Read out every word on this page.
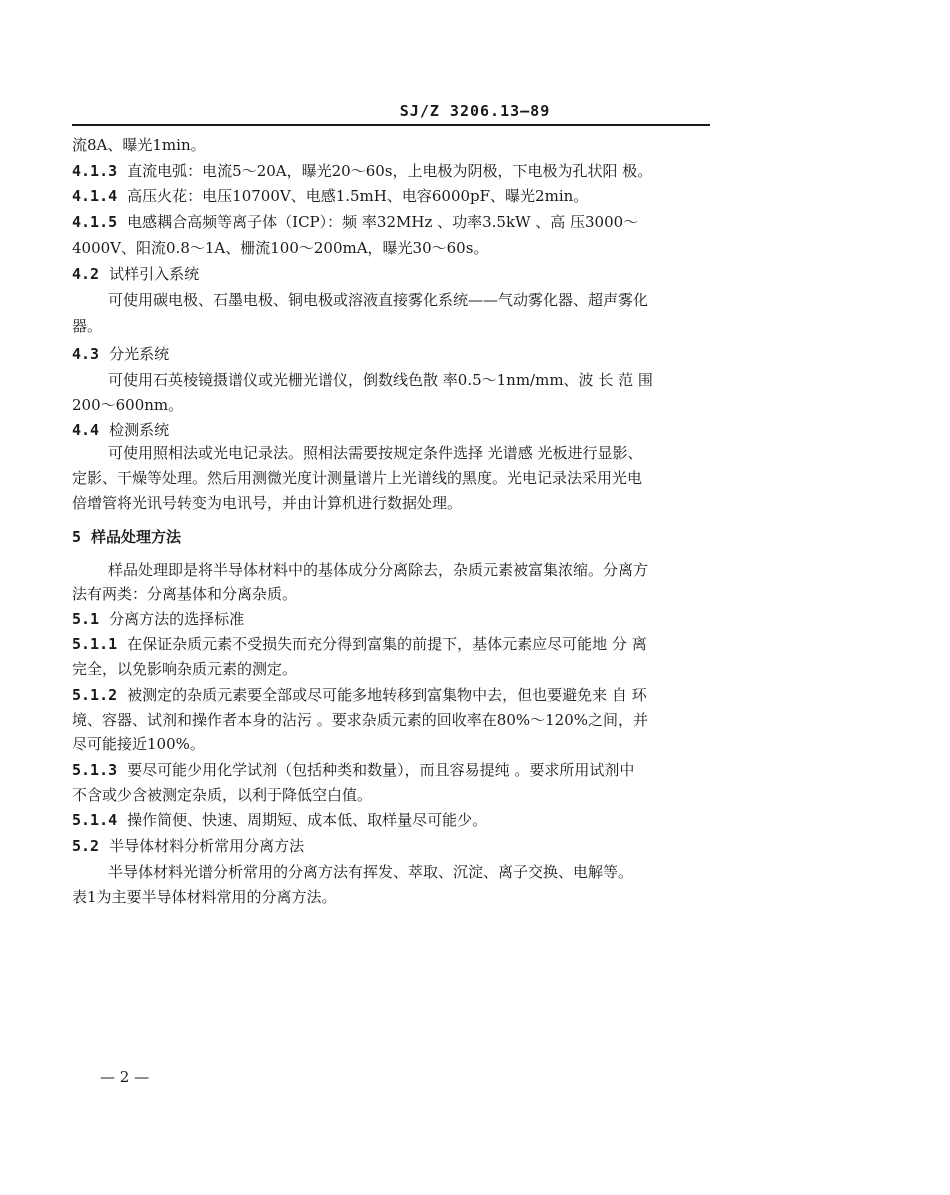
SJ/Z 3206.13—89
流8A、曝光1min。
4.1.3 直流电弧：电流5～20A，曝光20～60s，上电极为阴极，下电极为孔状阳 极。
4.1.4 高压火花：电压10700V、电感1.5mH、电容6000pF、曝光2min。
4.1.5 电感耦合高频等离子体（ICP）：频 率32MHz 、功率3.5kW 、高 压3000～
4000V、阳流0.8～1A、栅流100～200mA，曝光30～60s。
4.2 试样引入系统
可使用碳电极、石墨电极、铜电极或溶液直接雾化系统——气动雾化器、超声雾化
器。
4.3 分光系统
可使用石英棱镜摄谱仪或光栅光谱仪，倒数线色散 率0.5～1nm/mm、波 长 范 围
200～600nm。
4.4 检测系统
可使用照相法或光电记录法。照相法需要按规定条件选择 光谱感 光板进行显影、
定影、干燥等处理。然后用测微光度计测量谱片上光谱线的黑度。光电记录法采用光电
倍增管将光讯号转变为电讯号，并由计算机进行数据处理。
5 样品处理方法
样品处理即是将半导体材料中的基体成分分离除去，杂质元素被富集浓缩。分离方
法有两类：分离基体和分离杂质。
5.1 分离方法的选择标准
5.1.1 在保证杂质元素不受损失而充分得到富集的前提下，基体元素应尽可能地 分 离
完全，以免影响杂质元素的测定。
5.1.2 被测定的杂质元素要全部或尽可能多地转移到富集物中去，但也要避免来 自 环
境、容器、试剂和操作者本身的沾污 。要求杂质元素的回收率在80%～120%之间，并
尽可能接近100%。
5.1.3 要尽可能少用化学试剂（包括种类和数量），而且容易提纯 。要求所用试剂中
不含或少含被测定杂质，以利于降低空白值。
5.1.4 操作简便、快速、周期短、成本低、取样量尽可能少。
5.2 半导体材料分析常用分离方法
半导体材料光谱分析常用的分离方法有挥发、萃取、沉淀、离子交换、电解等。
表1为主要半导体材料常用的分离方法。
— 2 —
